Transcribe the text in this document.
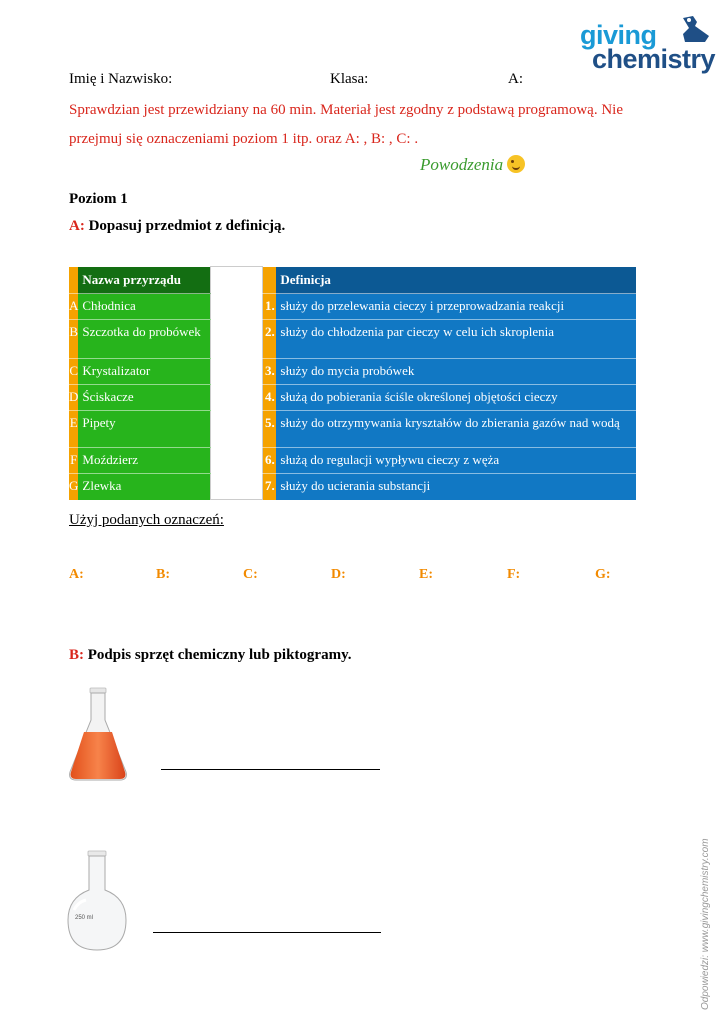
giving
chemistry
Imię i Nazwisko:	Klasa:	A:
Sprawdzian jest przewidziany na 60 min. Materiał jest zgodny z podstawą programową. Nie przejmuj się oznaczeniami poziom 1 itp. oraz A: , B: , C: .
Powodzenia
Poziom 1
A: Dopasuj przedmiot z definicją.
	Nazwa przyrządu			Definicja
A	Chłodnica		1.	służy do przelewania cieczy i przeprowadzania reakcji
B	Szczotka do probówek		2.	służy do chłodzenia par cieczy w celu ich skroplenia
C	Krystalizator		3.	służy do mycia probówek
D	Ściskacze		4.	służą do pobierania ściśle określonej objętości cieczy
E	Pipety		5.	służy do otrzymywania kryształów do zbierania gazów nad wodą
F	Moździerz		6.	służą do regulacji wypływu cieczy z węża
G	Zlewka		7.	służy do ucierania substancji
Użyj podanych oznaczeń:
A:	B:	C:	D:	E:	F:	G:
B: Podpis sprzęt chemiczny lub piktogramy.
250 ml	Odpowiedzi: www.givingchemistry.com
